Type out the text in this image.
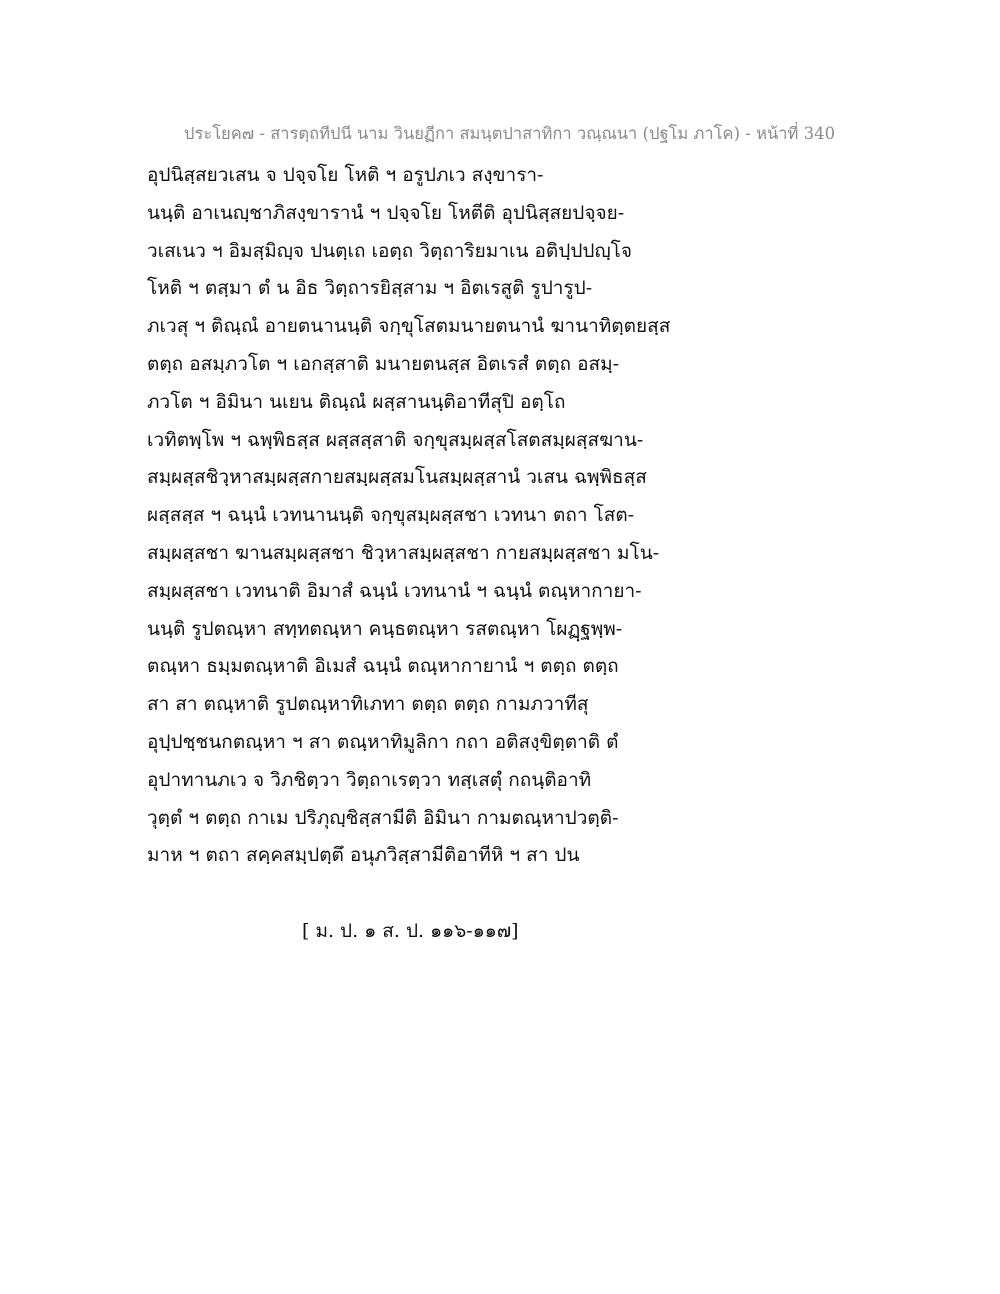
ประโยค๗ - สารตฺถทีปนี นาม วินยฏีกา สมนฺตปาสาทิกา วณฺณนา (ปฐโม ภาโค) - หน้าที่ 340
อุปนิสฺสยวเสน จ ปจฺจโย โหติ ฯ อรูปภเว สงฺขารา-
นนฺติ อาเนญฺชาภิสงฺขารานํ ฯ ปจฺจโย โหตีติ อุปนิสฺสยปจฺจย-
วเสเนว ฯ อิมสฺมิญฺจ ปนตฺเถ เอตฺถ วิตฺถาริยมาเน อติปฺปปญฺโจ
โหติ ฯ ตสฺมา ตํ น อิธ วิตฺถารยิสฺสาม ฯ อิตเรสูติ รูปารูป-
ภเวสุ ฯ ติณฺณํ อายตนานนฺติ จกฺขุโสตมนายตนานํ ฆานาทิตฺตยสฺส
ตตฺถ อสมฺภวโต ฯ เอกสฺสาติ มนายตนสฺส อิตเรสํ ตตฺถ อสมฺ-
ภวโต ฯ อิมินา นเยน ติณฺณํ ผสฺสานนฺติอาทีสุปิ อตฺโถ
เวทิตพฺโพ ฯ ฉพฺพิธสฺส ผสฺสสฺสาติ จกฺขุสมฺผสฺสโสตสมฺผสฺสฆาน-
สมฺผสฺสชิวฺหาสมฺผสฺสกายสมฺผสฺสมโนสมฺผสฺสานํ วเสน ฉพฺพิธสฺส
ผสฺสสฺส ฯ ฉนฺนํ เวทนานนฺติ จกฺขุสมฺผสฺสชา เวทนา ตถา โสต-
สมฺผสฺสชา ฆานสมฺผสฺสชา ชิวฺหาสมฺผสฺสชา กายสมฺผสฺสชา มโน-
สมฺผสฺสชา เวทนาติ อิมาสํ ฉนฺนํ เวทนานํ ฯ ฉนฺนํ ตณฺหากายา-
นนฺติ รูปตณฺหา สทฺทตณฺหา คนฺธตณฺหา รสตณฺหา โผฏฺฐพฺพ-
ตณฺหา ธมฺมตณฺหาติ อิเมสํ ฉนฺนํ ตณฺหากายานํ ฯ ตตฺถ ตตฺถ
สา สา ตณฺหาติ รูปตณฺหาทิเภทา ตตฺถ ตตฺถ กามภวาทีสุ
อุปฺปชฺชนกตณฺหา ฯ สา ตณฺหาทิมูลิกา กถา อติสงฺขิตฺตาติ ตํ
อุปาทานภเว จ วิภชิตฺวา วิตฺถาเรตฺวา ทสฺเสตุํ กถนฺติอาทิ
วุตฺตํ ฯ ตตฺถ กาเม ปริภุญฺชิสฺสามีติ อิมินา กามตณฺหาปวตฺติ-
มาห ฯ ตถา สคฺคสมฺปตฺตึ อนุภวิสฺสามีติอาทีหิ ฯ สา ปน
[ ม. ป. ๑ ส. ป. ๑๑๖-๑๑๗]
